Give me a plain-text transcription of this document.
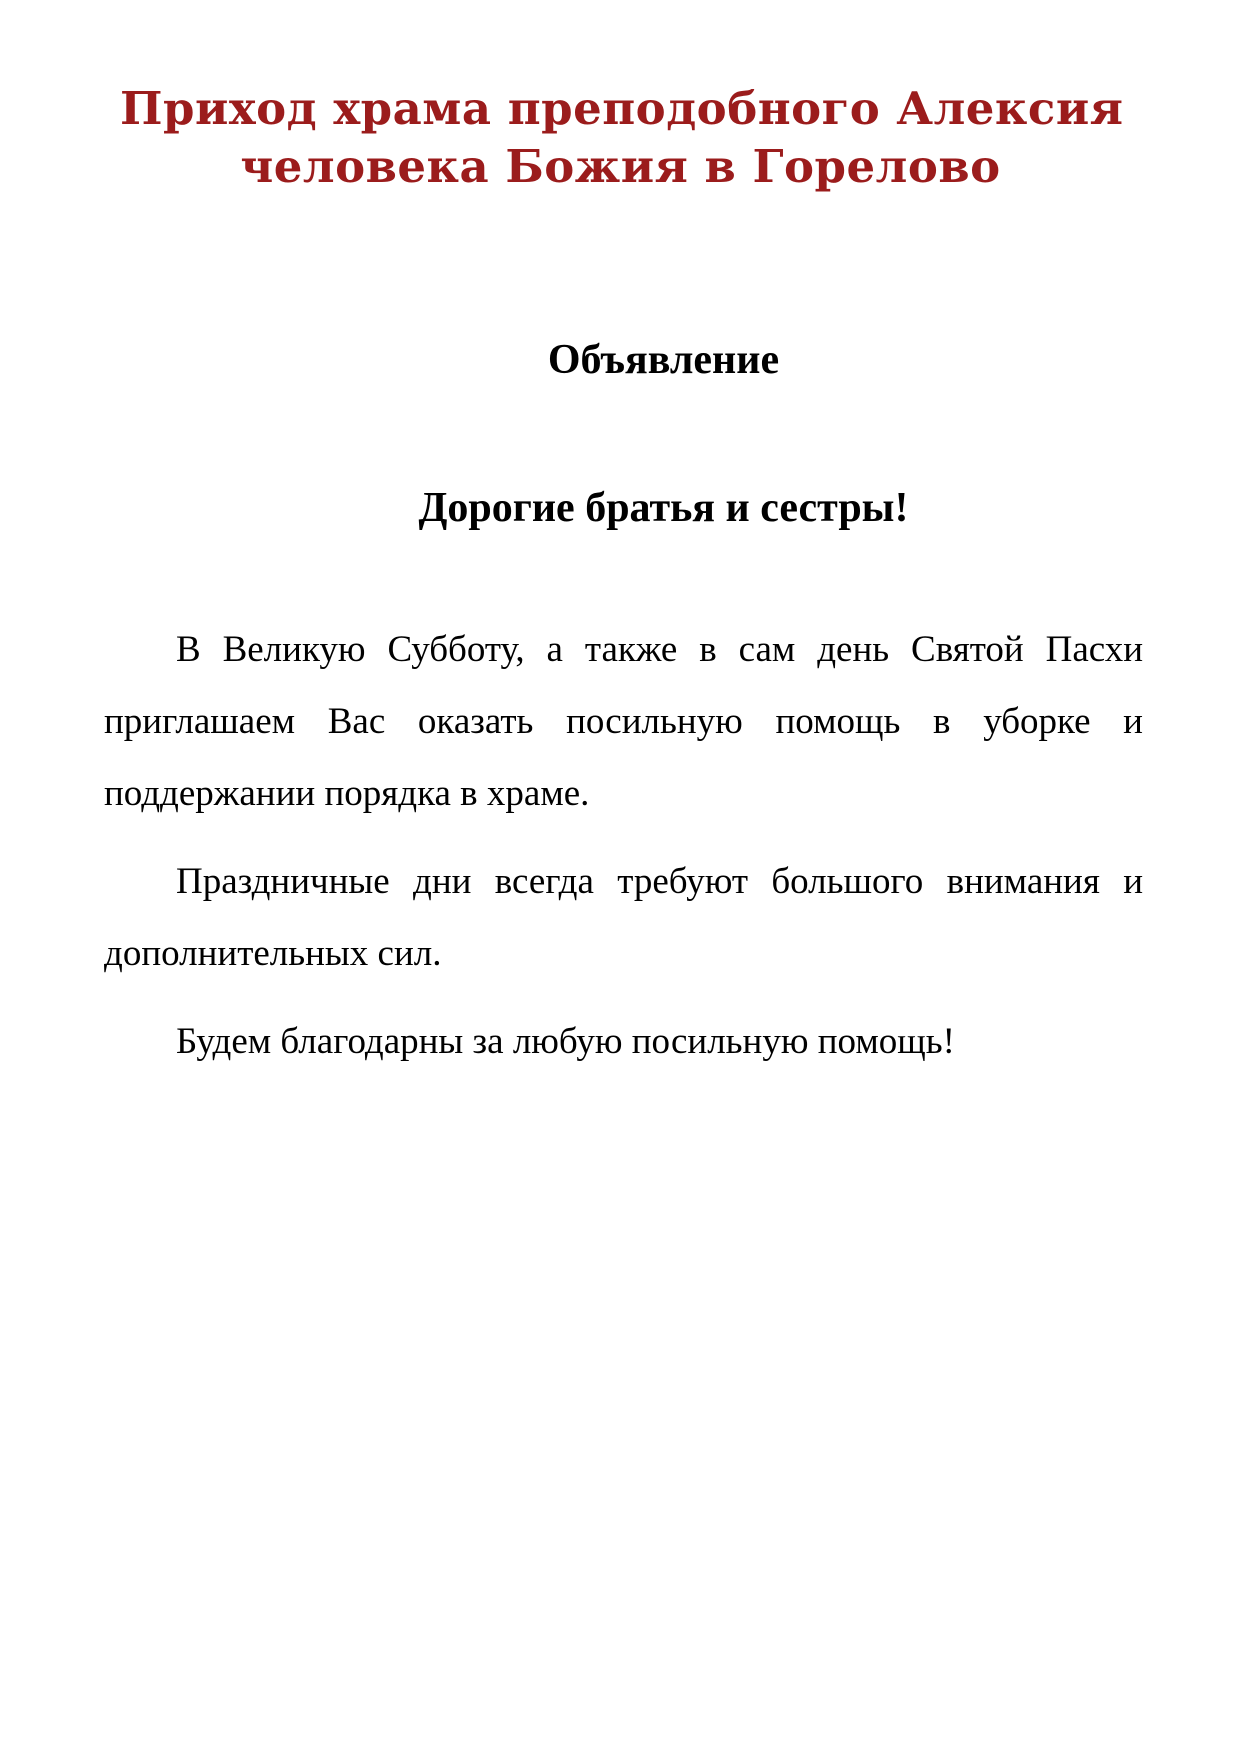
Приход храма преподобного Алексия
человека Божия в Горелово
Объявление
Дорогие братья и сестры!

В Великую Субботу, а также в сам день Святой Пасхи приглашаем Вас оказать посильную помощь в уборке и поддержании порядка в храме.

Праздничные дни всегда требуют большого внимания и дополнительных сил.

Будем благодарны за любую посильную помощь!
